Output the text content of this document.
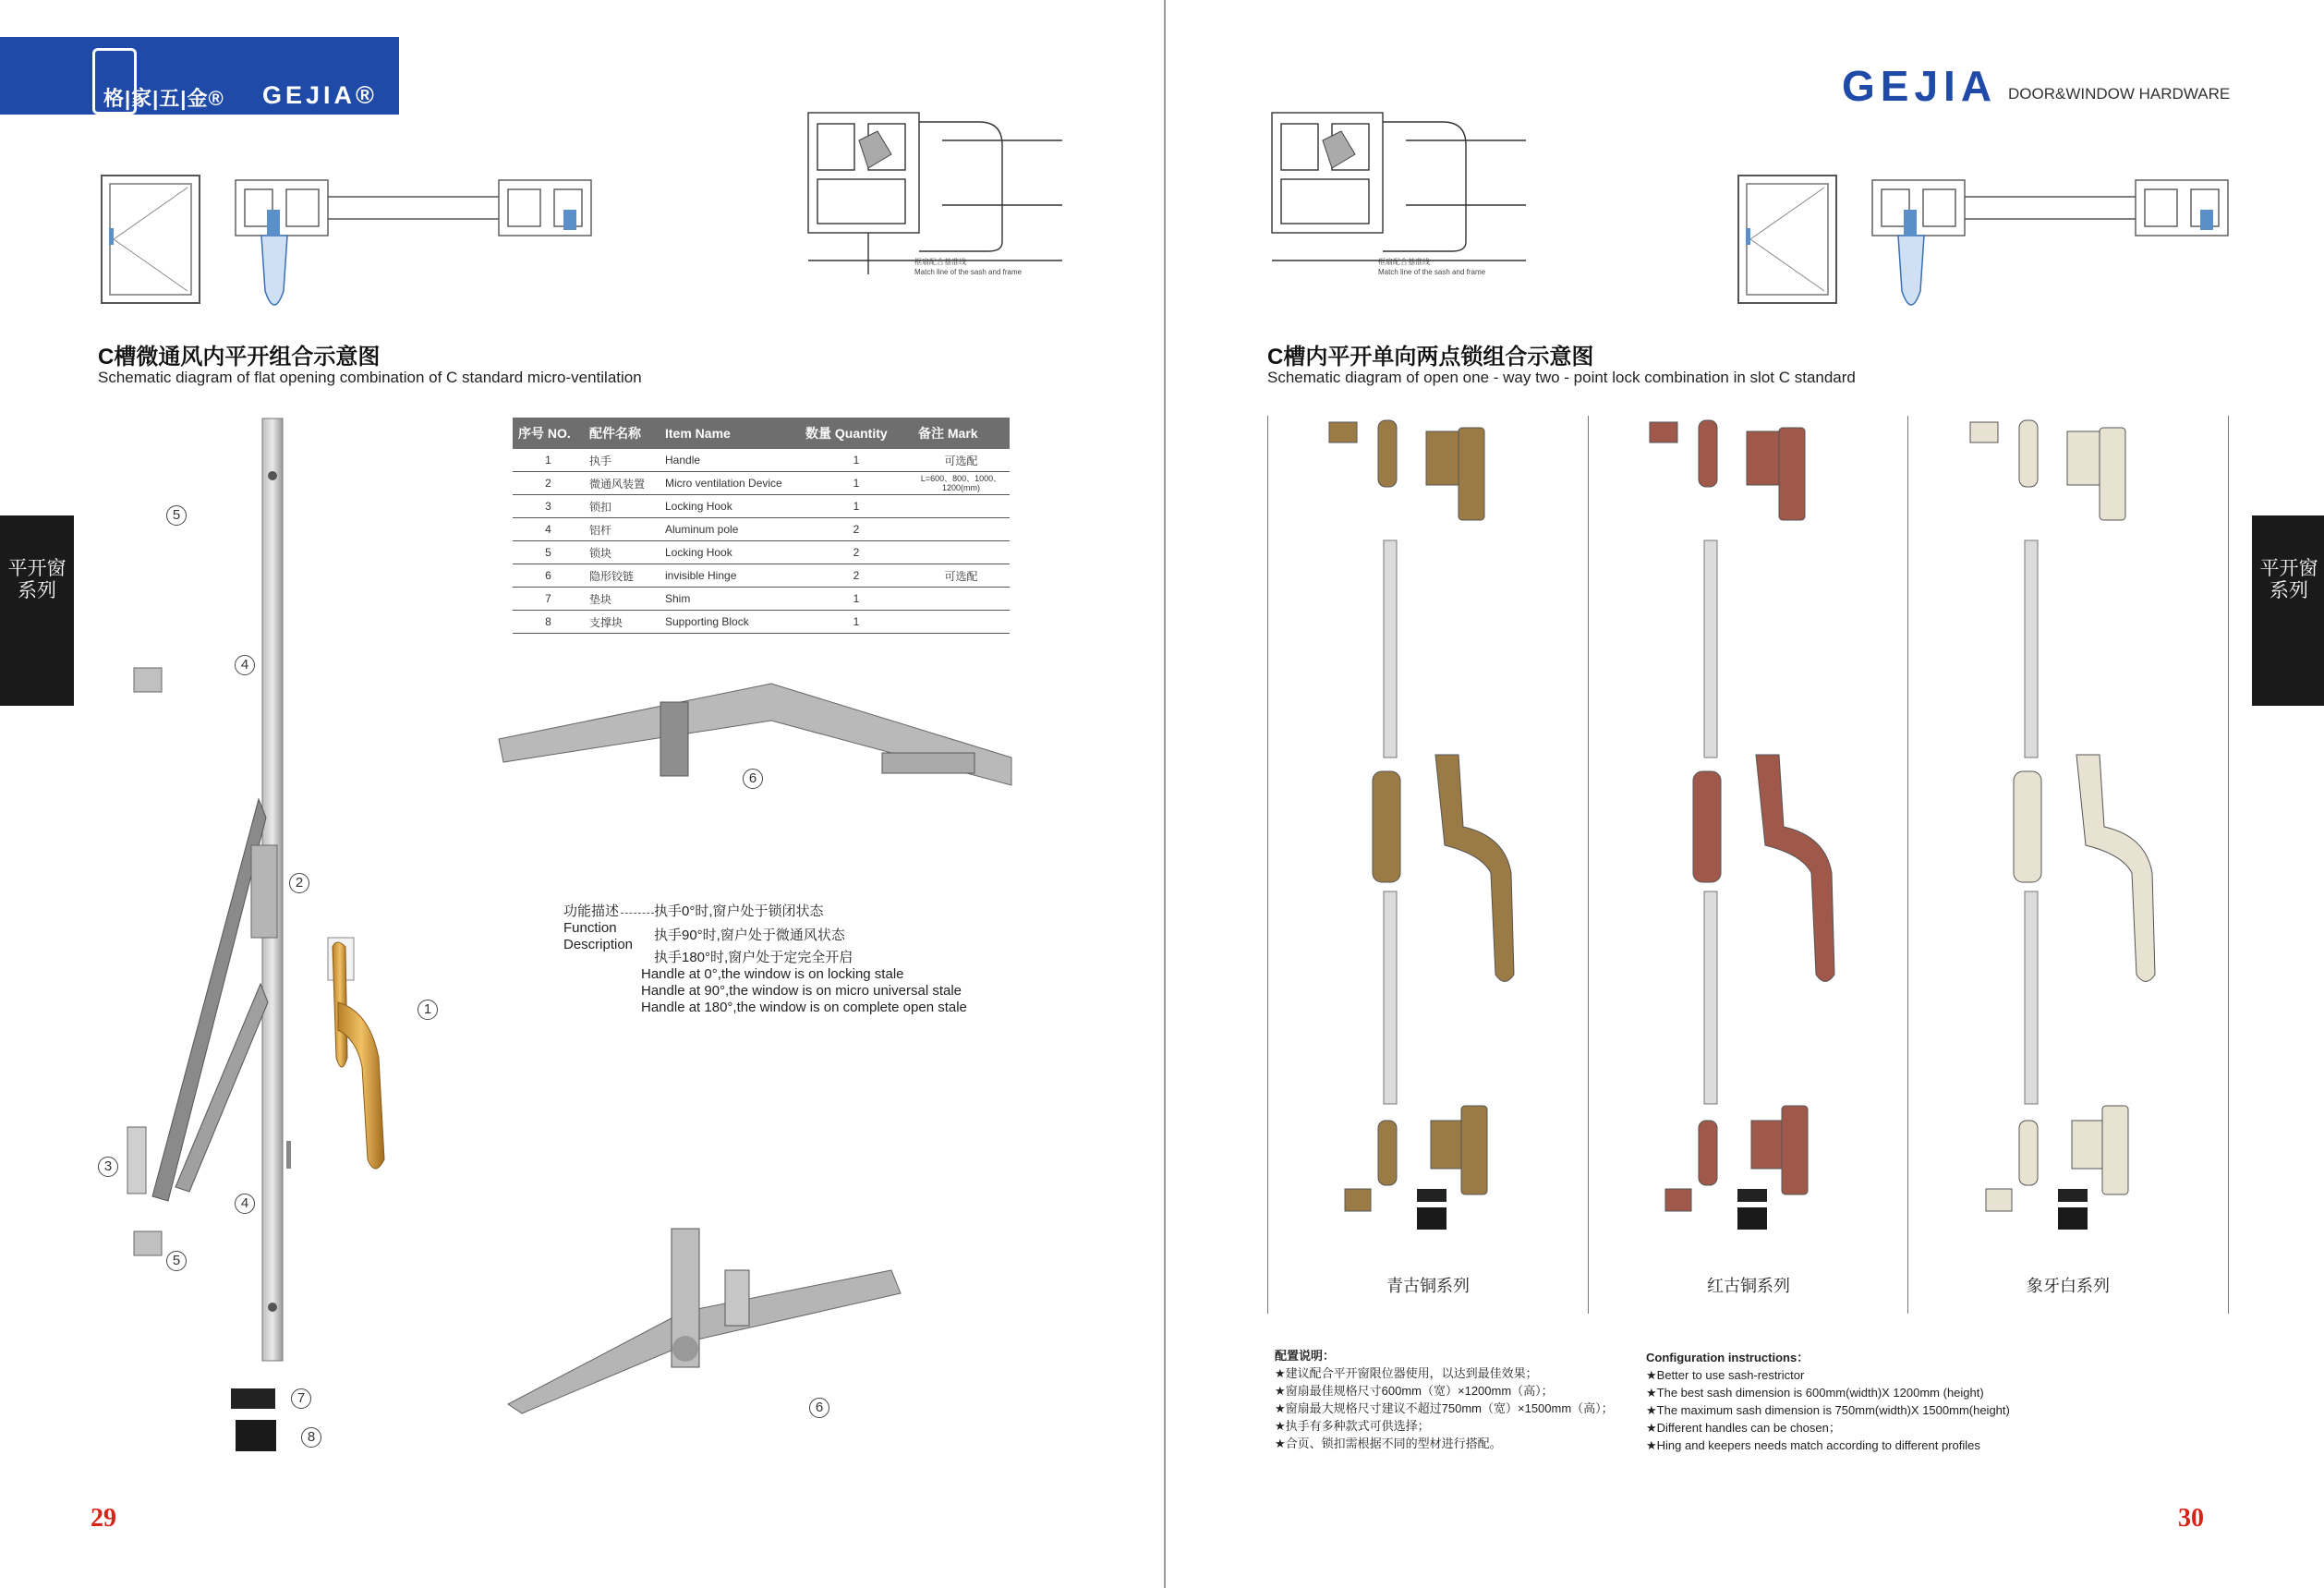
格|家|五|金® GEJIA®
框扇配合基准线
Match line of the sash and frame
平开窗系列
C槽微通风内平开组合示意图
Schematic diagram of flat opening combination of C standard micro-ventilation
序号 NO.	配件名称	Item Name	数量 Quantity	备注 Mark
1	执手	Handle	1	可选配
2	微通风装置	Micro ventilation Device	1	L=600、800、1000、1200(mm)
3	锁扣	Locking Hook	1	
4	铝杆	Aluminum pole	2	
5	锁块	Locking Hook	2	
6	隐形铰链	invisible Hinge	2	可选配
7	垫块	Shim	1	
8	支撑块	Supporting Block	1	
5
4
2
1
3
4
5
7
8
6
6
功能描述
Function
Description
执手0°时,窗户处于锁闭状态
执手90°时,窗户处于微通风状态
执手180°时,窗户处于定完全开启
Handle at 0°,the window is on locking stale
Handle at 90°,the window is on micro universal stale
Handle at 180°,the window is on complete open stale
29
GEJIA DOOR&WINDOW HARDWARE
框扇配合基准线
Match line of the sash and frame
平开窗系列
C槽内平开单向两点锁组合示意图
Schematic diagram of open one - way two - point lock combination in slot C standard
青古铜系列	红古铜系列	象牙白系列
配置说明：
★建议配合平开窗限位器使用，以达到最佳效果；
★窗扇最佳规格尺寸600mm（宽）×1200mm（高）；
★窗扇最大规格尺寸建议不超过750mm（宽）×1500mm（高）；
★执手有多种款式可供选择；
★合页、锁扣需根据不同的型材进行搭配。
Configuration instructions：
★Better to use sash-restrictor
★The best sash dimension is 600mm(width)X 1200mm (height)
★The maximum sash dimension is 750mm(width)X 1500mm(height)
★Different handles can be chosen；
★Hing and keepers needs match according to different profiles
30
